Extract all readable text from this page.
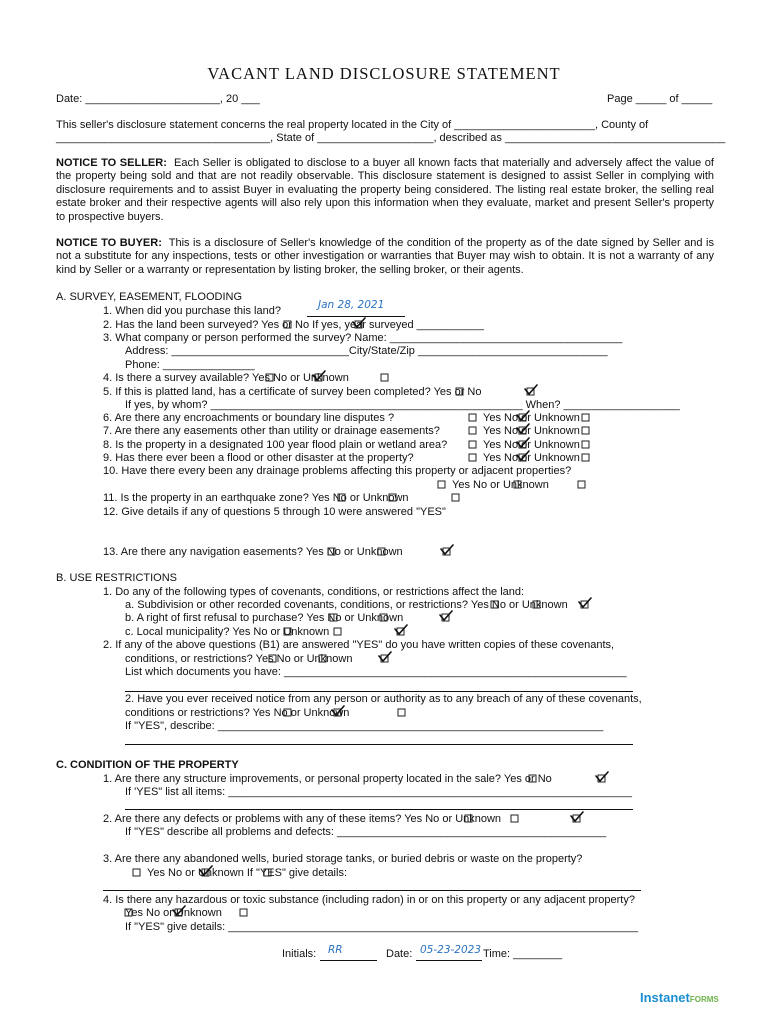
VACANT LAND DISCLOSURE STATEMENT
Date: ______________________, 20 ___	Page _____ of _____
This seller's disclosure statement concerns the real property located in the City of _______________________, County of
___________________________________, State of ___________________, described as ____________________________________
NOTICE TO SELLER: Each Seller is obligated to disclose to a buyer all known facts that materially and adversely affect the value of the property being sold and that are not readily observable. This disclosure statement is designed to assist Seller in complying with disclosure requirements and to assist Buyer in evaluating the property being considered. The listing real estate broker, the selling real estate broker and their respective agents will also rely upon this information when they evaluate, market and present Seller's property to prospective buyers.
NOTICE TO BUYER: This is a disclosure of Seller's knowledge of the condition of the property as of the date signed by Seller and is not a substitute for any inspections, tests or other investigation or warranties that Buyer may wish to obtain. It is not a warranty of any kind by Seller or a warranty or representation by listing broker, the selling broker, or their agents.
A. SURVEY, EASEMENT, FLOODING
1. When did you purchase this land?	Jan 28, 2021
2. Has the land been surveyed? Yes or No If yes, year surveyed ___________
3. What company or person performed the survey? Name: ______________________________________
Address: _____________________________City/State/Zip _______________________________
Phone: _______________
4. Is there a survey available? Yes No or Unknown
5. If this is platted land, has a certificate of survey been completed? Yes or No
If yes, by whom? ___________________________________________________ When? ___________________
6. Are there any encroachments or boundary line disputes ?	Yes No or Unknown
7. Are there any easements other than utility or drainage easements?	Yes No or Unknown
8. Is the property in a designated 100 year flood plain or wetland area?	Yes No or Unknown
9. Has there ever been a flood or other disaster at the property?	Yes No or Unknown
10. Have there every been any drainage problems affecting this property or adjacent properties?
Yes No or Unknown
11. Is the property in an earthquake zone? Yes No or Unknown
12. Give details if any of questions 5 through 10 were answered "YES"
13. Are there any navigation easements? Yes No or Unknown
B. USE RESTRICTIONS
1. Do any of the following types of covenants, conditions, or restrictions affect the land:
a. Subdivision or other recorded covenants, conditions, or restrictions? Yes No or Unknown
b. A right of first refusal to purchase? Yes No or Unknown
c. Local municipality? Yes No or Unknown
2. If any of the above questions (B1) are answered "YES" do you have written copies of these covenants,
conditions, or restrictions? Yes No or Unknown
List which documents you have: ________________________________________________________
2. Have you ever received notice from any person or authority as to any breach of any of these covenants,
conditions or restrictions? Yes No or Unknown
If "YES", describe: _______________________________________________________________
C. CONDITION OF THE PROPERTY
1. Are there any structure improvements, or personal property located in the sale? Yes or No
If 'YES" list all items: __________________________________________________________________
2. Are there any defects or problems with any of these items? Yes No or Unknown
If "YES" describe all problems and defects: ____________________________________________
3. Are there any abandoned wells, buried storage tanks, or buried debris or waste on the property?
Yes No or Unknown If "YES" give details:
4. Is there any hazardous or toxic substance (including radon) in or on this property or any adjacent property?
Yes No or Unknown
If "YES" give details: ___________________________________________________________________
Initials: RR	Date: 05-23-2023 Time: ________
InstanetFORMS
